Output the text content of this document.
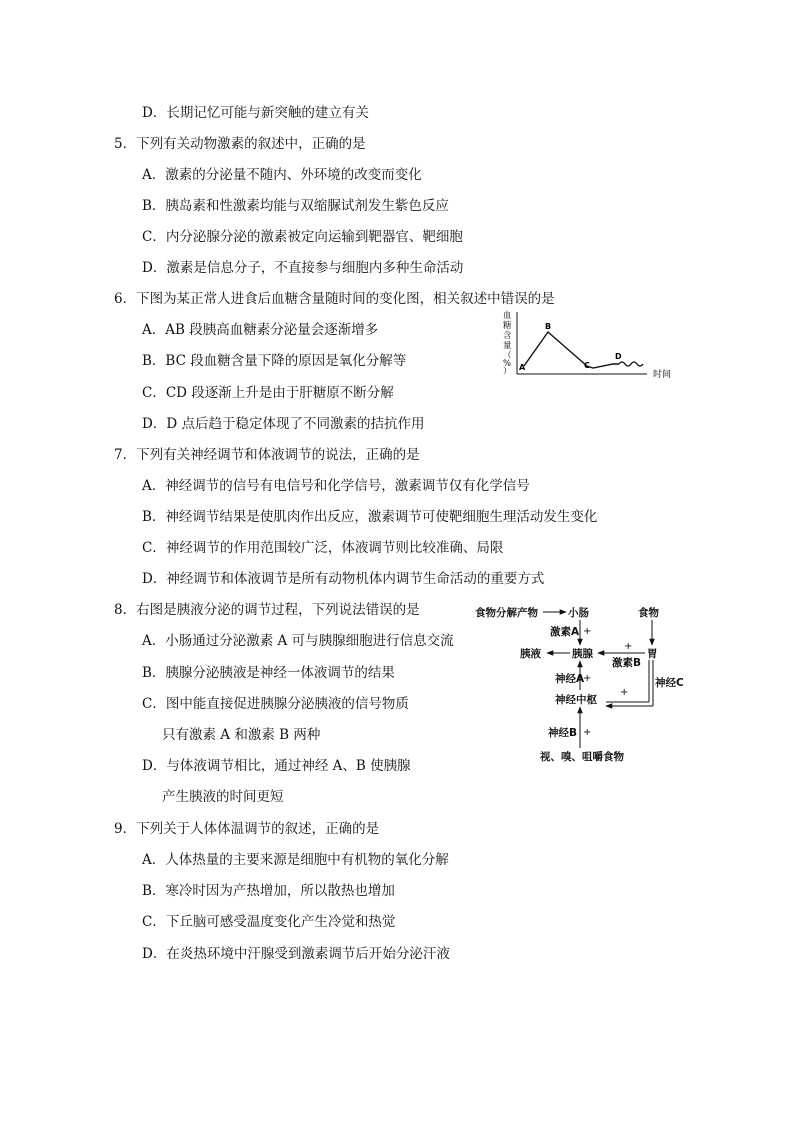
D．长期记忆可能与新突触的建立有关
5．下列有关动物激素的叙述中，正确的是
A．激素的分泌量不随内、外环境的改变而变化
B．胰岛素和性激素均能与双缩脲试剂发生紫色反应
C．内分泌腺分泌的激素被定向运输到靶器官、靶细胞
D．激素是信息分子，不直接参与细胞内多种生命活动
6．下图为某正常人进食后血糖含量随时间的变化图，相关叙述中错误的是
A．AB 段胰高血糖素分泌量会逐渐增多
B．BC 段血糖含量下降的原因是氧化分解等
C．CD 段逐渐上升是由于肝糖原不断分解
D．D 点后趋于稳定体现了不同激素的拮抗作用
7．下列有关神经调节和体液调节的说法，正确的是
A．神经调节的信号有电信号和化学信号，激素调节仅有化学信号
B．神经调节结果是使肌肉作出反应，激素调节可使靶细胞生理活动发生变化
C．神经调节的作用范围较广泛，体液调节则比较准确、局限
D．神经调节和体液调节是所有动物机体内调节生命活动的重要方式
8．右图是胰液分泌的调节过程，下列说法错误的是
A．小肠通过分泌激素 A 可与胰腺细胞进行信息交流
B．胰腺分泌胰液是神经一体液调节的结果
C．图中能直接促进胰腺分泌胰液的信号物质
只有激素 A 和激素 B 两种
D．与体液调节相比，通过神经 A、B 使胰腺
产生胰液的时间更短
9．下列关于人体体温调节的叙述，正确的是
A．人体热量的主要来源是细胞中有机物的氧化分解
B．寒冷时因为产热增加，所以散热也增加
C．下丘脑可感受温度变化产生冷觉和热觉
D．在炎热环境中汗腺受到激素调节后开始分泌汗液
血
糖
含
量
（
%
） A
B
C
D
时间
食物分解产物	小肠	食物
激素A
胰液	胰腺
激素B
胃
神经A	神经C
神经中枢
神经B
视、嗅、咀嚼食物
+
+
+
+
+
